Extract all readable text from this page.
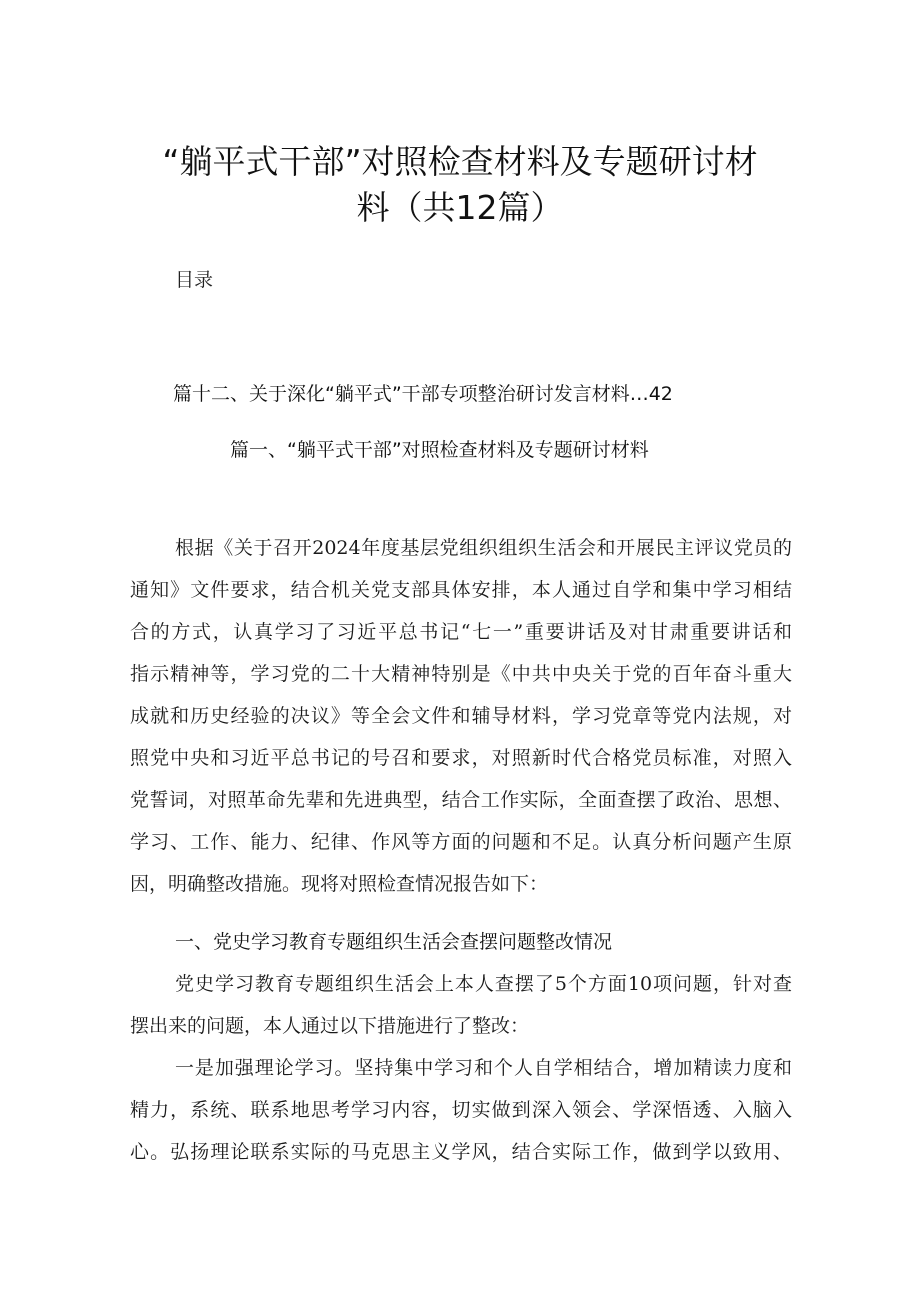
“躺平式干部”对照检查材料及专题研讨材
料（共12篇）
目录
篇十二、关于深化“躺平式”干部专项整治研讨发言材料…42
篇一、“躺平式干部”对照检查材料及专题研讨材料
根据《关于召开2024年度基层党组织组织生活会和开展民主评议党员的
通知》文件要求，结合机关党支部具体安排，本人通过自学和集中学习相结
合的方式，认真学习了习近平总书记“七一”重要讲话及对甘肃重要讲话和
指示精神等，学习党的二十大精神特别是《中共中央关于党的百年奋斗重大
成就和历史经验的决议》等全会文件和辅导材料，学习党章等党内法规，对
照党中央和习近平总书记的号召和要求，对照新时代合格党员标准，对照入
党誓词，对照革命先辈和先进典型，结合工作实际，全面查摆了政治、思想、
学习、工作、能力、纪律、作风等方面的问题和不足。认真分析问题产生原
因，明确整改措施。现将对照检查情况报告如下：
一、党史学习教育专题组织生活会查摆问题整改情况
党史学习教育专题组织生活会上本人查摆了5个方面10项问题，针对查
摆出来的问题，本人通过以下措施进行了整改：
一是加强理论学习。坚持集中学习和个人自学相结合，增加精读力度和
精力，系统、联系地思考学习内容，切实做到深入领会、学深悟透、入脑入
心。弘扬理论联系实际的马克思主义学风，结合实际工作，做到学以致用、
